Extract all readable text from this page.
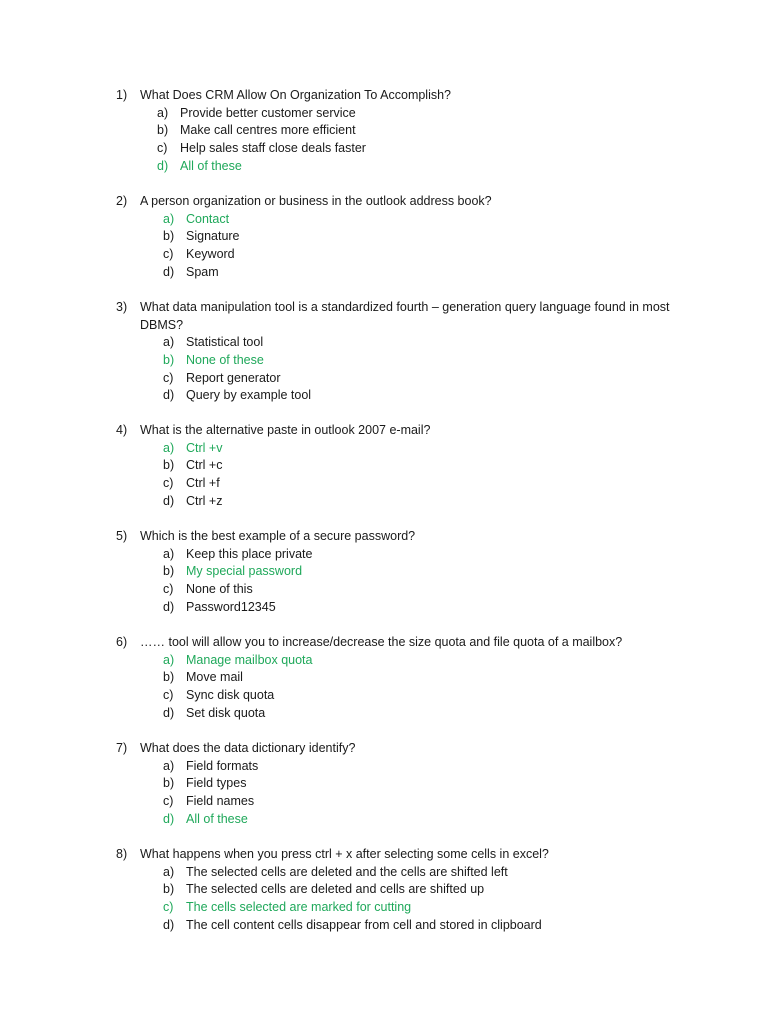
1) What Does CRM Allow On Organization To Accomplish?
a) Provide better customer service
b) Make call centres more efficient
c) Help sales staff close deals faster
d) All of these
2) A person organization or business in the outlook address book?
a) Contact
b) Signature
c) Keyword
d) Spam
3) What data manipulation tool is a standardized fourth – generation query language found in most DBMS?
a) Statistical tool
b) None of these
c) Report generator
d) Query by example tool
4) What is the alternative paste in outlook 2007 e-mail?
a) Ctrl +v
b) Ctrl +c
c) Ctrl +f
d) Ctrl +z
5) Which is the best example of a secure password?
a) Keep this place private
b) My special password
c) None of this
d) Password12345
6) …… tool will allow you to increase/decrease the size quota and file quota of a mailbox?
a) Manage mailbox quota
b) Move mail
c) Sync disk quota
d) Set disk quota
7) What does the data dictionary identify?
a) Field formats
b) Field types
c) Field names
d) All of these
8) What happens when you press ctrl + x after selecting some cells in excel?
a) The selected cells are deleted and the cells are shifted left
b) The selected cells are deleted and cells are shifted up
c) The cells selected are marked for cutting
d) The cell content cells disappear from cell and stored in clipboard
